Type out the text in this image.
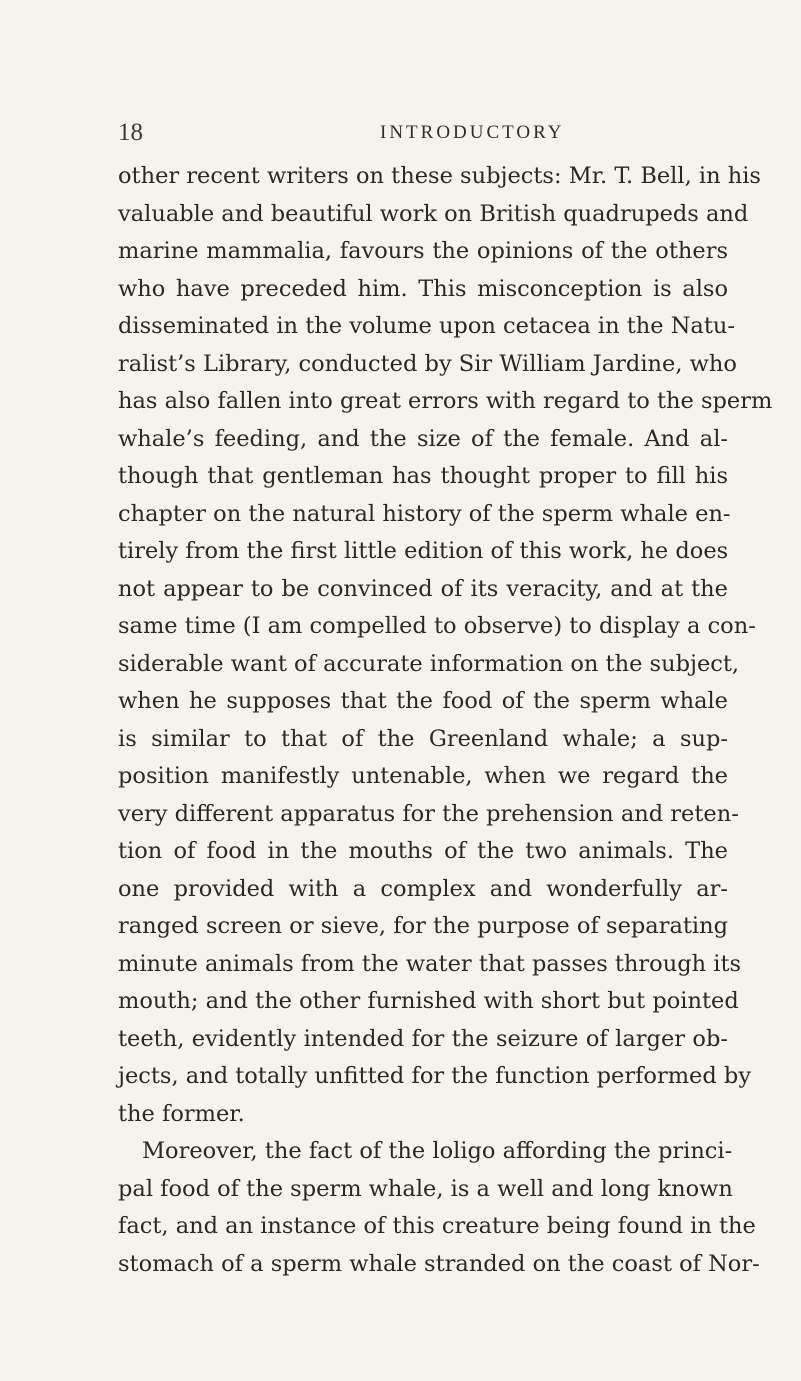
18	INTRODUCTORY
other recent writers on these subjects: Mr. T. Bell, in his
valuable and beautiful work on British quadrupeds and
marine mammalia, favours the opinions of the others
who have preceded him. This misconception is also
disseminated in the volume upon cetacea in the Natu-
ralist’s Library, conducted by Sir William Jardine, who
has also fallen into great errors with regard to the sperm
whale’s feeding, and the size of the female. And al-
though that gentleman has thought proper to fill his
chapter on the natural history of the sperm whale en-
tirely from the first little edition of this work, he does
not appear to be convinced of its veracity, and at the
same time (I am compelled to observe) to display a con-
siderable want of accurate information on the subject,
when he supposes that the food of the sperm whale
is similar to that of the Greenland whale; a sup-
position manifestly untenable, when we regard the
very different apparatus for the prehension and reten-
tion of food in the mouths of the two animals. The
one provided with a complex and wonderfully ar-
ranged screen or sieve, for the purpose of separating
minute animals from the water that passes through its
mouth; and the other furnished with short but pointed
teeth, evidently intended for the seizure of larger ob-
jects, and totally unfitted for the function performed by
the former.
Moreover, the fact of the loligo affording the princi-
pal food of the sperm whale, is a well and long known
fact, and an instance of this creature being found in the
stomach of a sperm whale stranded on the coast of Nor-
